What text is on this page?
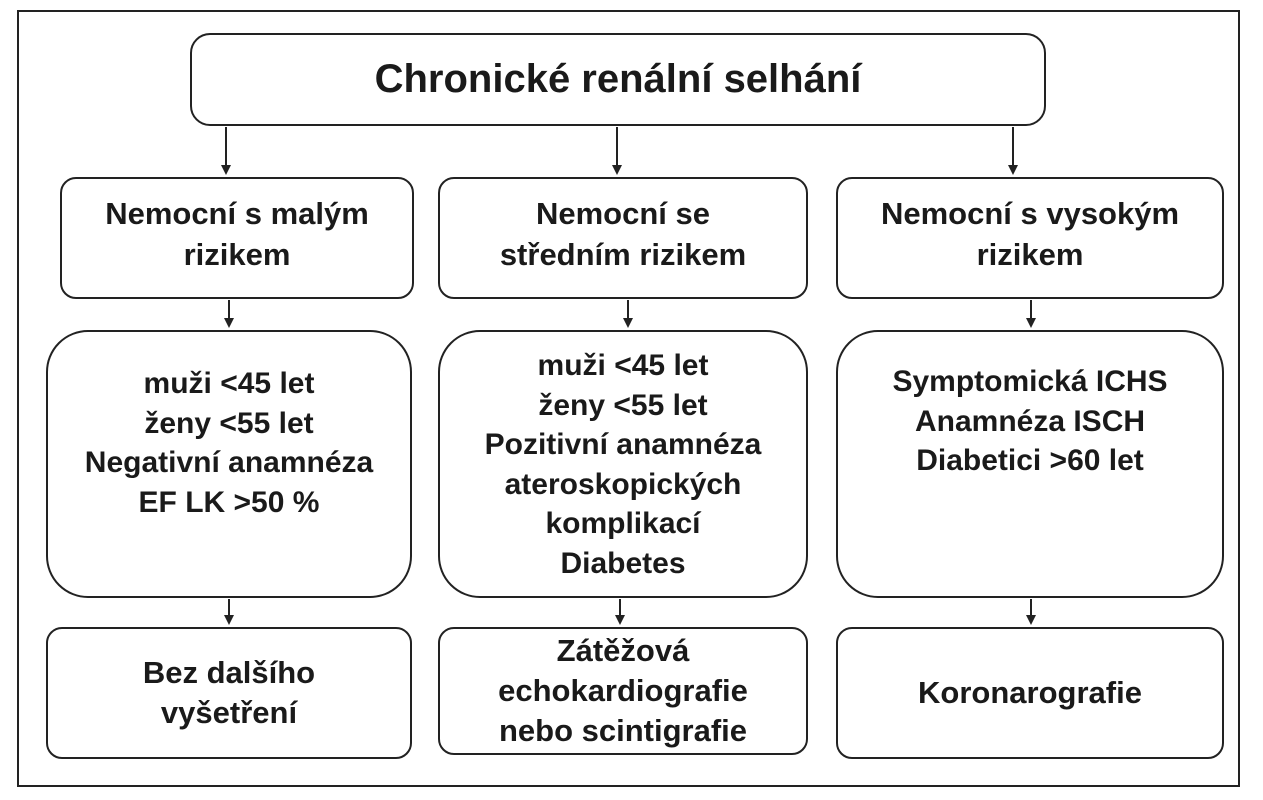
Chronické renální selhání
Nemocní s malým
rizikem
muži <45 let
ženy <55 let
Negativní anamnéza
EF LK >50 %
Bez dalšího
vyšetření
Nemocní se
středním rizikem
muži <45 let
ženy <55 let
Pozitivní anamnéza
ateroskopických
komplikací
Diabetes
Zátěžová
echokardiografie
nebo scintigrafie
Nemocní s vysokým
rizikem
Symptomická ICHS
Anamnéza ISCH
Diabetici >60 let
Koronarografie
